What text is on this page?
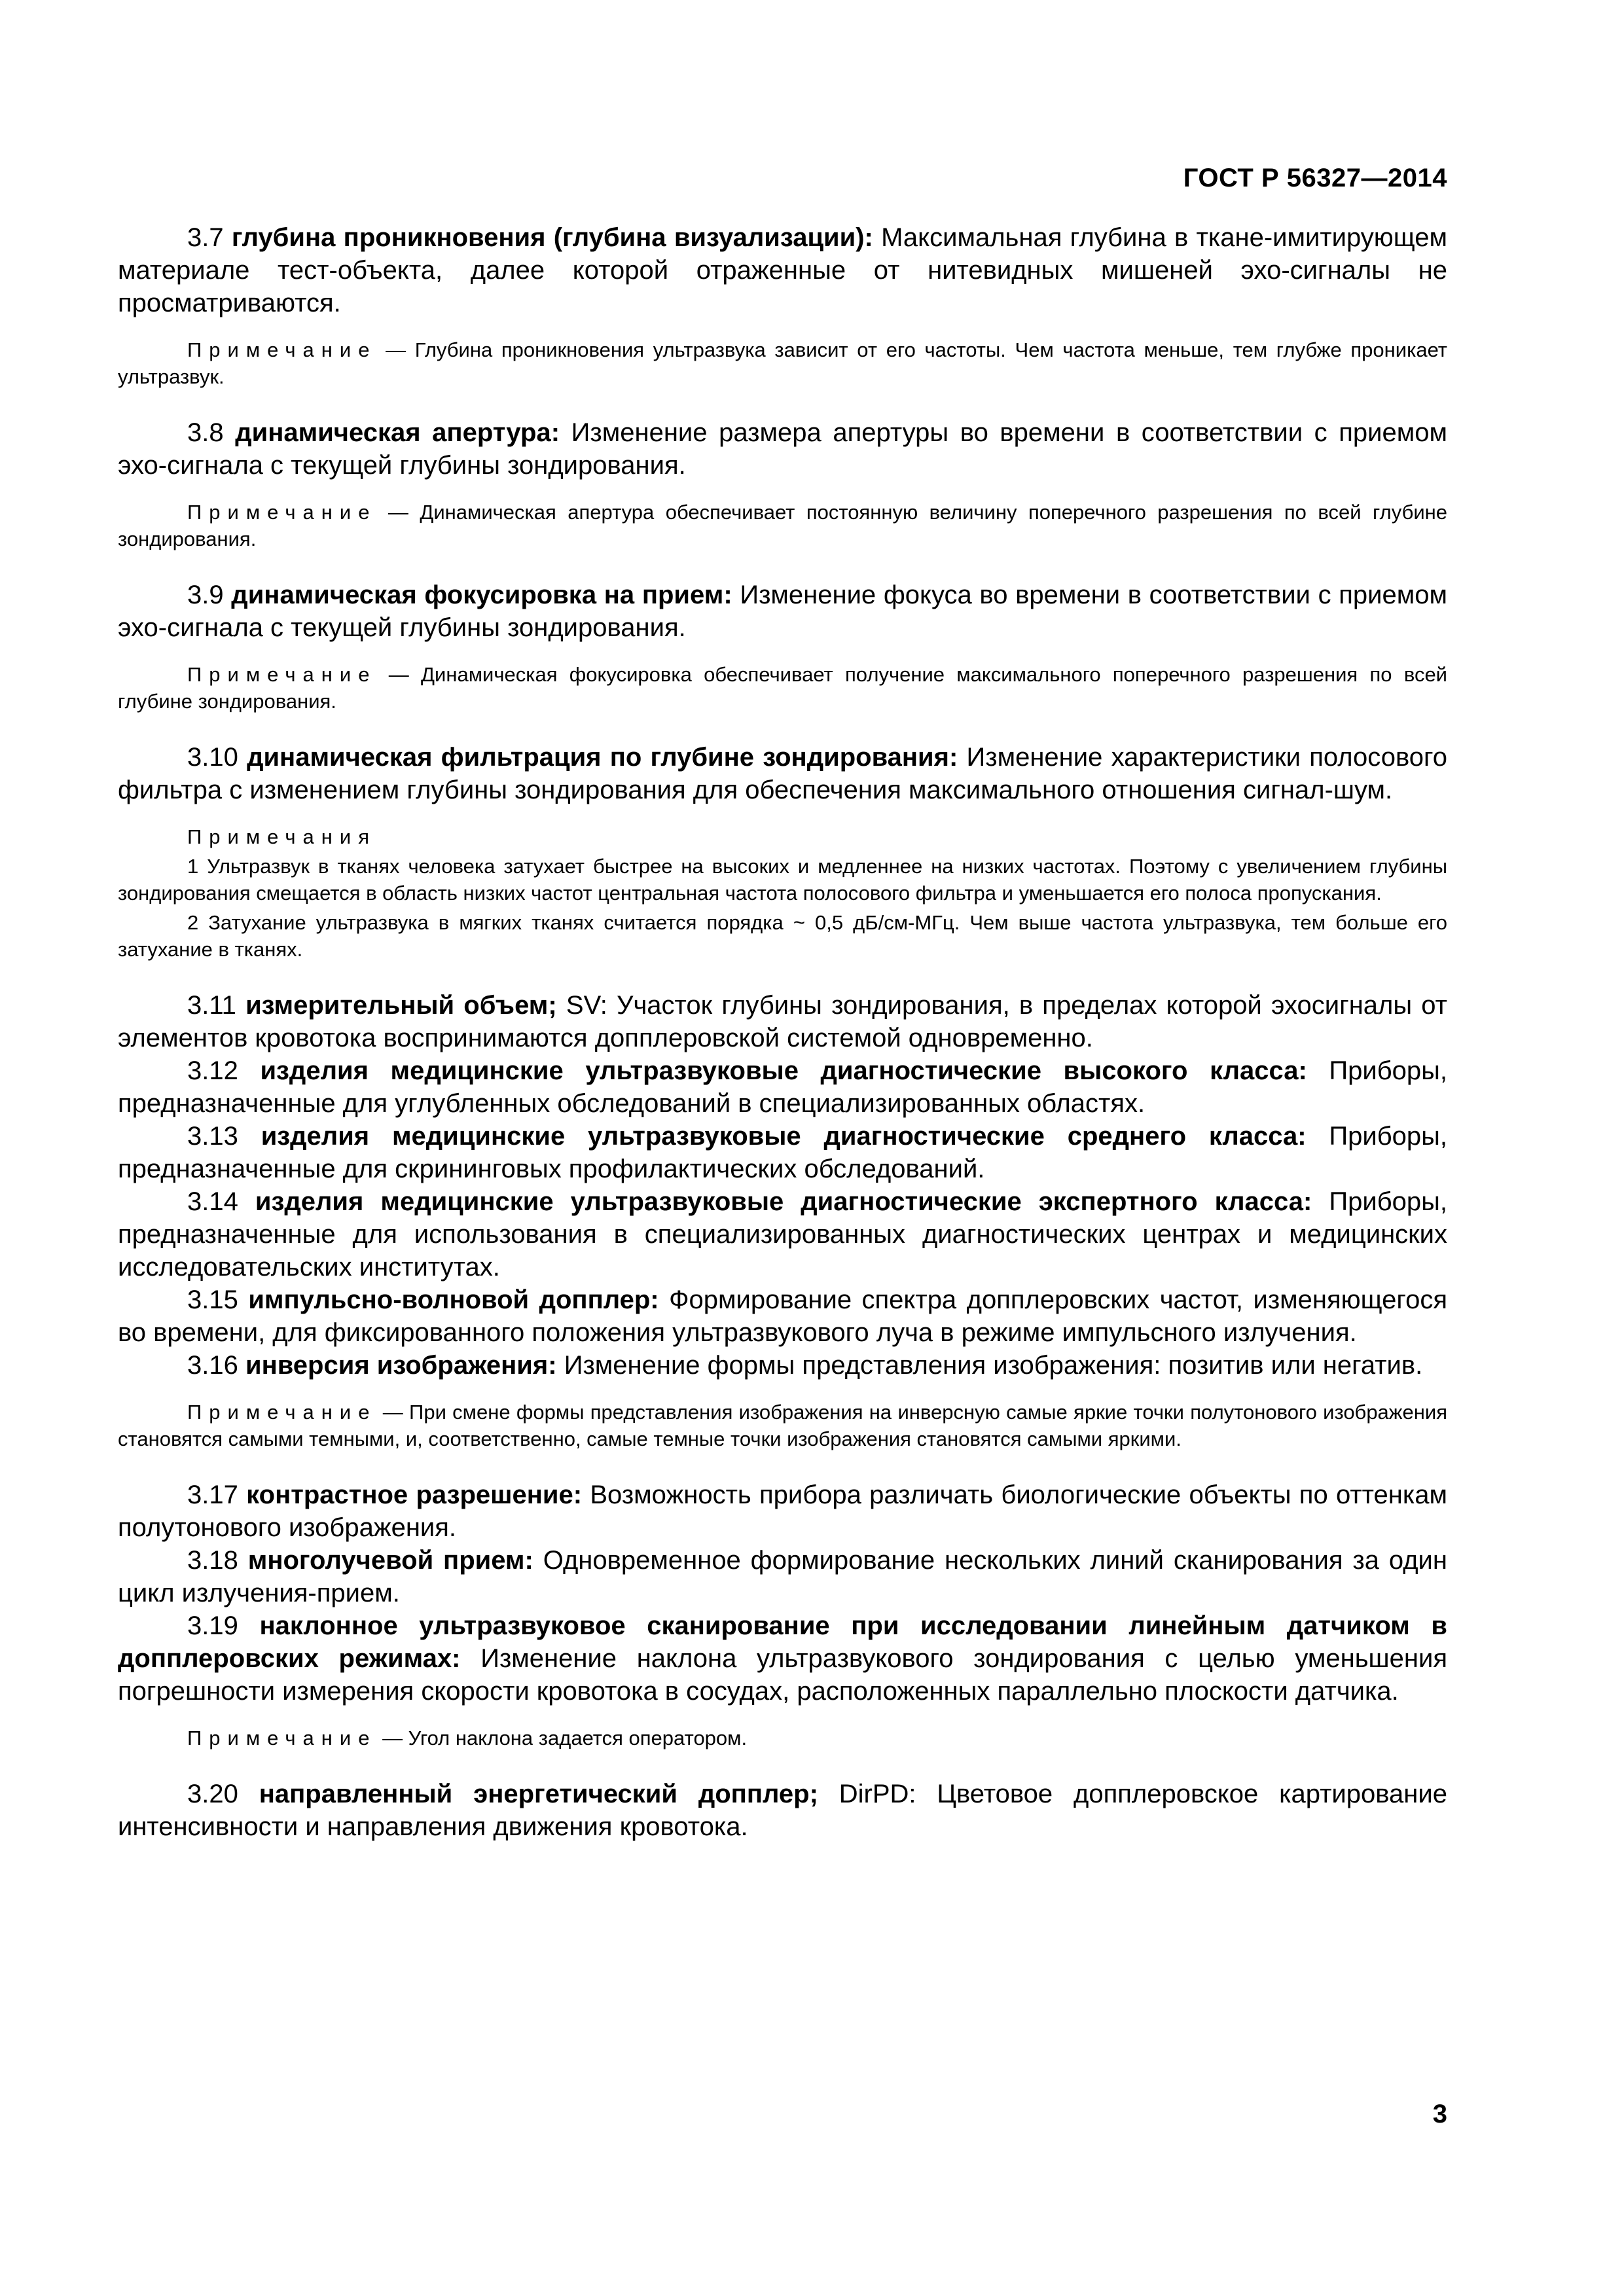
ГОСТ Р 56327—2014

3.7 глубина проникновения (глубина визуализации): Максимальная глубина в ткане-имитирующем материале тест-объекта, далее которой отраженные от нитевидных мишеней эхо-сигналы не просматриваются.

Примечание — Глубина проникновения ультразвука зависит от его частоты. Чем частота меньше, тем глубже проникает ультразвук.

3.8 динамическая апертура: Изменение размера апертуры во времени в соответствии с приемом эхо-сигнала с текущей глубины зондирования.

Примечание — Динамическая апертура обеспечивает постоянную величину поперечного разрешения по всей глубине зондирования.

3.9 динамическая фокусировка на прием: Изменение фокуса во времени в соответствии с приемом эхо-сигнала с текущей глубины зондирования.

Примечание — Динамическая фокусировка обеспечивает получение максимального поперечного разрешения по всей глубине зондирования.

3.10 динамическая фильтрация по глубине зондирования: Изменение характеристики полосового фильтра с изменением глубины зондирования для обеспечения максимального отношения сигнал-шум.

Примечания
1 Ультразвук в тканях человека затухает быстрее на высоких и медленнее на низких частотах. Поэтому с увеличением глубины зондирования смещается в область низких частот центральная частота полосового фильтра и уменьшается его полоса пропускания.
2 Затухание ультразвука в мягких тканях считается порядка ~ 0,5 дБ/см-МГц. Чем выше частота ультразвука, тем больше его затухание в тканях.

3.11 измерительный объем; SV: Участок глубины зондирования, в пределах которой эхосигналы от элементов кровотока воспринимаются допплеровской системой одновременно.

3.12 изделия медицинские ультразвуковые диагностические высокого класса: Приборы, предназначенные для углубленных обследований в специализированных областях.

3.13 изделия медицинские ультразвуковые диагностические среднего класса: Приборы, предназначенные для скрининговых профилактических обследований.

3.14 изделия медицинские ультразвуковые диагностические экспертного класса: Приборы, предназначенные для использования в специализированных диагностических центрах и медицинских исследовательских институтах.

3.15 импульсно-волновой допплер: Формирование спектра допплеровских частот, изменяющегося во времени, для фиксированного положения ультразвукового луча в режиме импульсного излучения.

3.16 инверсия изображения: Изменение формы представления изображения: позитив или негатив.

Примечание — При смене формы представления изображения на инверсную самые яркие точки полутонового изображения становятся самыми темными, и, соответственно, самые темные точки изображения становятся самыми яркими.

3.17 контрастное разрешение: Возможность прибора различать биологические объекты по оттенкам полутонового изображения.

3.18 многолучевой прием: Одновременное формирование нескольких линий сканирования за один цикл излучения-прием.

3.19 наклонное ультразвуковое сканирование при исследовании линейным датчиком в допплеровских режимах: Изменение наклона ультразвукового зондирования с целью уменьшения погрешности измерения скорости кровотока в сосудах, расположенных параллельно плоскости датчика.

Примечание — Угол наклона задается оператором.

3.20 направленный энергетический допплер; DirPD: Цветовое допплеровское картирование интенсивности и направления движения кровотока.

3
